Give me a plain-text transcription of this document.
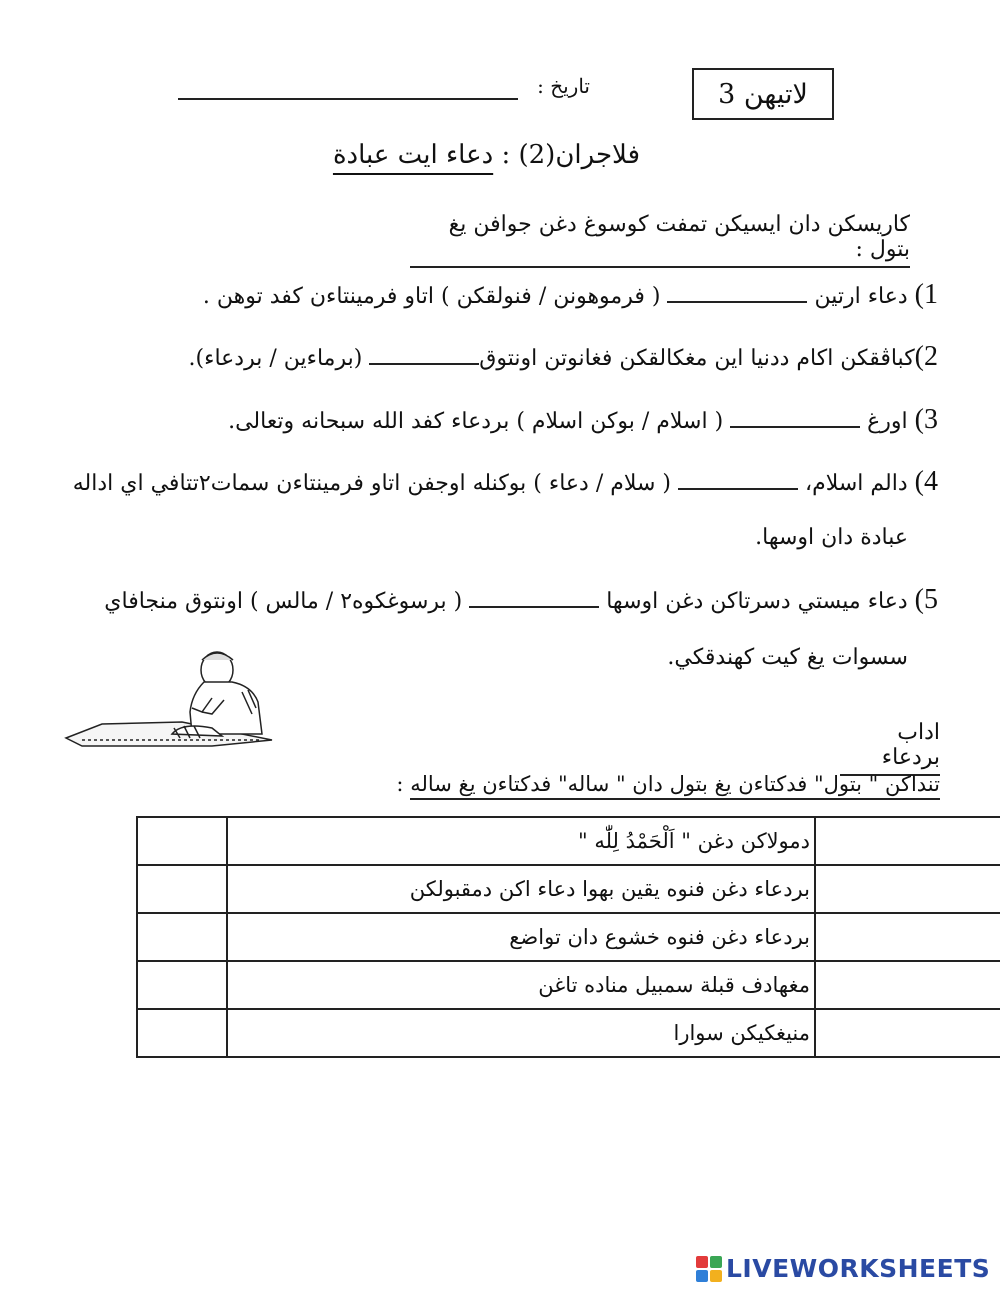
لاتيهن 3
تاريخ :
فلاجران(2) : دعاء ايت عبادة
كاريسكن دان ايسيكن تمفت كوسوغ دغن جوافن يغ بتول :
1) دعاء ارتين  ( فرموهونن / فنولقكن ) اتاو فرمينتاءن كفد توهن .
2)كباڤقكن اكام ددنيا اين مغكالقكن فغانوتن اونتوق (برماءين / بردعاء).
3) اورغ  ( اسلام / بوكن اسلام ) بردعاء كفد الله سبحانه وتعالى.
4) دالم اسلام،  ( سلام / دعاء ) بوكنله اوجفن اتاو فرمينتاءن سمات٢تتافي اي اداله
عبادة دان اوسها.
5) دعاء ميستي دسرتاكن دغن اوسها  ( برسوغكوه٢ / مالس ) اونتوق منجافاي
سسوات يغ كيت كهندقكي.
اداب بردعاء
تنداكن " بتول" فدكتاءن يغ بتول دان " ساله" فدكتاءن يغ ساله :
	دمولاكن دغن " اَلْحَمْدُ لِلّٰه "	
	بردعاء دغن فنوه يقين بهوا دعاء اكن دمقبولكن	
	بردعاء دغن فنوه خشوع دان تواضع	
	مغهادف قبلة سمبيل مناده تاغن	
	منيغكيكن سوارا	
LIVEWORKSHEETS
